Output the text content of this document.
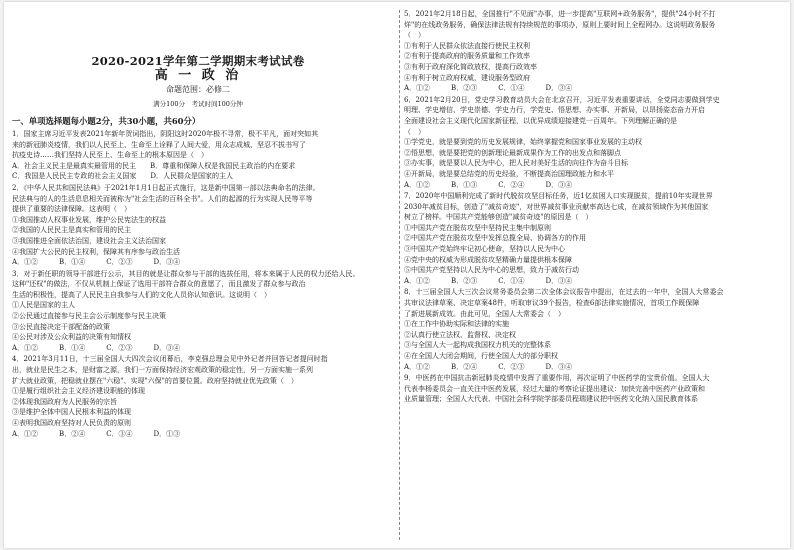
2020-2021学年第二学期期末考试试卷
高 一 政 治
命题范围：必修二
满分100分　考试时间100分钟
一、单项选择题每小题2分，共30小题，共60分）
1．国家主席习近平发表2021年新年贺词指出，阴阳这时2020年极不寻常，极不平凡，面对突如其
来的新冠肺炎疫情，我们以人民至上、生命至上诠释了人间大爱，用众志成城、坚忍不拔书写了
抗疫史诗……我们坚持人民至上、生命至上的根本原因是（　）
A．社会主义民主是最真实最管用的民主　　B．尊重和保障人权是我国民主政治的内在要求
C．我国是人民民主专政的社会主义国家　　D．人民群众是国家的主人
2．《中华人民共和国民法典》于2021年1月1日起正式施行，这是新中国第一部以法典命名的法律。
民法典与的人的生活息息相关而被称为"社会生活的百科全书"。人们的起源的行为实现人民等平等
提供了重要的法律保障。这表明（　）
①我国推动人权事业发展，维护公民宪法生的权益
②我国的人民民主是真实和管用的民主
③我国推进全面依法治国，建设社会主义法治国家
④我国扩大公民的民主权利，保障其有序参与政治生活
A．①②　　　B．①④　　　C．②③　　　D．③④
3．对于新任职的领导干部进行公示，其目的就是让群众参与干部的选拔任用，将本来属于人民的权力还给人民。
这种"还权"的做法，不仅从机制上保证了选用干部符合群众的意愿了，而且激发了群众参与政治
生活的积极性，提高了人民民主自我参与人们的文化人员你认知意识。这说明（　）
①人民是国家的主人
②公民通过直接参与民主会公示制度参与民主决策
③公民直接决定干部配备的政策
④公民对涉及公众利益的决策有知情权
A．①②　　　B．①④　　　C．②③　　　D．③④
4．2021年3月11日，十三届全国人大四次会议闭幕后，李克强总理会见中外记者并回答记者提问时指
出，就业是民生之本，是财富之源，我们一方面保持经济宏观政策的稳定性，另一方面实施一系列
扩大就业政策，把稳就业摆在"六稳"、实现"六保"的首要位置。政府坚持就业优先政策（　）
①是履行组织社会主义经济建设职能的体现
②体现我国政府为人民服务的宗旨
③是维护全体中国人民根本利益的体现
④表明我国政府坚持对人民负责的原则
A．①②　　　B．②④　　　C．③④　　　D．①③
5．2021年2月18日起，全国推行"不见面"办事，进一步提高"互联网+政务服务"，提供"24小时不打
烊"的在线政务服务，确保法律法规有持续规范的事项办，原则上要时间上全程网办。这说明政务服务
（　）
①有利于人民群众依法直接行使民主权利
②有利于提高政府的服务质量和工作效率
③有利于政府深化简政放权，提高行政效率
④有利于树立政府权威，建设服务型政府
A．①②　　　B．②③　　　C．①④　　　D．③④
6．2021年2月20日，党史学习教育动员大会在北京召开，习近平发表重要讲话，全党同志要做到学史
明理、学史增信、学史崇德、学史力行，学党史、悟思想、办实事、开新局，以昂扬姿态奋力开启
全面建设社会主义现代化国家新征程，以优异成绩迎接建党一百周年。下列理解正确的是
（　）
①学党史，就是要到党的历史发展规律，始终掌握党和国家事业发展的主动权
②悟思想，就是要把党的创新理论最新成果作为工作的出发点和落脚点
③办实事，就是要以人民为中心，把人民对美好生活的向往作为奋斗目标
④开新局，就是要总结党的历史经验，不断提高治国理政能力和水平
A．①②　　　B．①③　　　C．②④　　　D．③④
7．2020年中国顺利完成了新时代脱贫攻坚目标任务，近1亿贫困人口实现脱贫，提前10年实现世界
2030年减贫目标，创造了"减贫奇迹"，对世界减贫事业贡献率高达七成，在减贫领域作为其他国家
树立了榜样。中国共产党能够创造"减贫奇迹"的原因是（　）
①中国共产党在脱贫攻坚中坚持民主集中制原则
②中国共产党在脱贫攻坚中发挥总揽全局、协调各方的作用
③中国共产党始终牢记初心使命，坚持以人民为中心
④党中央的权威为形成脱贫攻坚精确力量提供根本保障
⑤中国共产党坚持以人民为中心的思想，致力于减贫行动
A．①②　　　B．②③　　　C．①④　　　D．③④
8．十三届全国人大三次会议常务委员会第二次全体会议报告中提出，在过去的一年中，全国人大常委会
共审议法律草案、决定草案48件，听取审议39个报告，检查6部法律实施情况，首项工作既保障
了新进展新成效。由此可见，全国人大常委会（　）
①在工作中协助实际和法律的实施
②认真行使立法权、监督权、决定权
③与全国人大一起构成我国权力机关的完整体系
④在全国人大闭会期间，行使全国人大的部分职权
A．①②　　　B．②④　　　C．②③　　　D．③④
9．中医药在中国抗击新冠肺炎疫情中发挥了重要作用，再次证明了中医药学的宝贵价值。全国人大
代表李杨委员会一直关注中医药发展，经过大量的考察论证提出建议：加快完善中医药产业政策和
业质量管理；全国人大代表、中国社会科学院学部委员程瑞建议把中医药文化纳入国民教育体系
